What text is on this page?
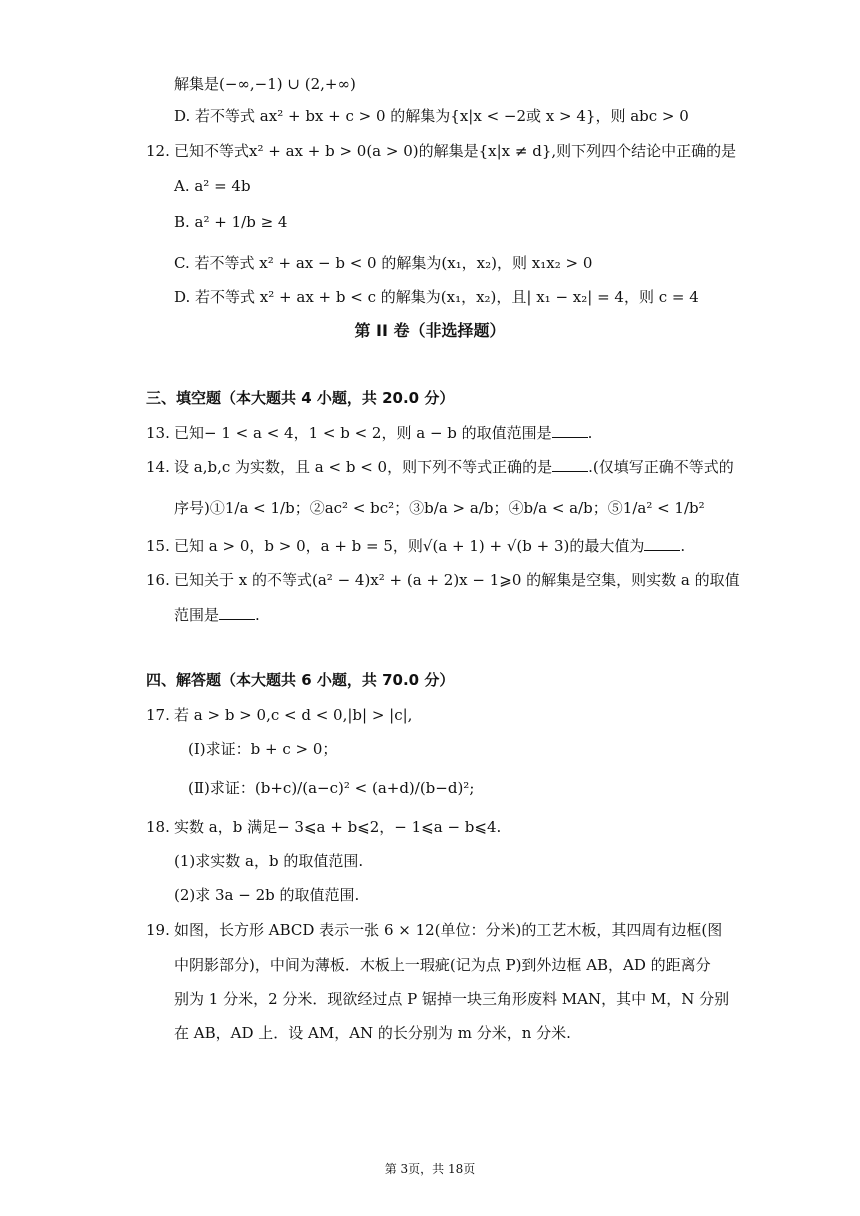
解集是(−∞,−1) ∪ (2,+∞)
D. 若不等式 ax² + bx + c > 0 的解集为{x|x < −2或 x > 4}，则 abc > 0
12. 已知不等式x² + ax + b > 0(a > 0)的解集是{x|x ≠ d},则下列四个结论中正确的是
A. a² = 4b
B. a² + 1/b ≥ 4
C. 若不等式 x² + ax − b < 0 的解集为(x₁，x₂)，则 x₁x₂ > 0
D. 若不等式 x² + ax + b < c 的解集为(x₁，x₂)，且| x₁ − x₂| = 4，则 c = 4
第 II 卷（非选择题）
三、填空题（本大题共 4 小题，共 20.0 分）
13. 已知− 1 < a < 4，1 < b < 2，则 a − b 的取值范围是 .
14. 设 a,b,c 为实数，且 a < b < 0，则下列不等式正确的是 .(仅填写正确不等式的
序号)①1/a < 1/b；②ac² < bc²；③b/a > a/b；④b/a < a/b；⑤1/a² < 1/b²
15. 已知 a > 0，b > 0，a + b = 5，则√(a + 1) + √(b + 3)的最大值为 .
16. 已知关于 x 的不等式(a² − 4)x² + (a + 2)x − 1⩾0 的解集是空集，则实数 a 的取值
范围是 .
四、解答题（本大题共 6 小题，共 70.0 分）
17. 若 a > b > 0,c < d < 0,|b| > |c|,
(Ⅰ)求证：b + c > 0；
(Ⅱ)求证：(b+c)/(a−c)² < (a+d)/(b−d)²;
18. 实数 a，b 满足− 3⩽a + b⩽2，− 1⩽a − b⩽4.
(1)求实数 a，b 的取值范围.
(2)求 3a − 2b 的取值范围.
19. 如图，长方形 ABCD 表示一张 6 × 12(单位：分米)的工艺木板，其四周有边框(图
中阴影部分)，中间为薄板．木板上一瑕疵(记为点 P)到外边框 AB，AD 的距离分
别为 1 分米，2 分米．现欲经过点 P 锯掉一块三角形废料 MAN，其中 M，N 分别
在 AB，AD 上．设 AM，AN 的长分别为 m 分米，n 分米.
第 3页，共 18页
